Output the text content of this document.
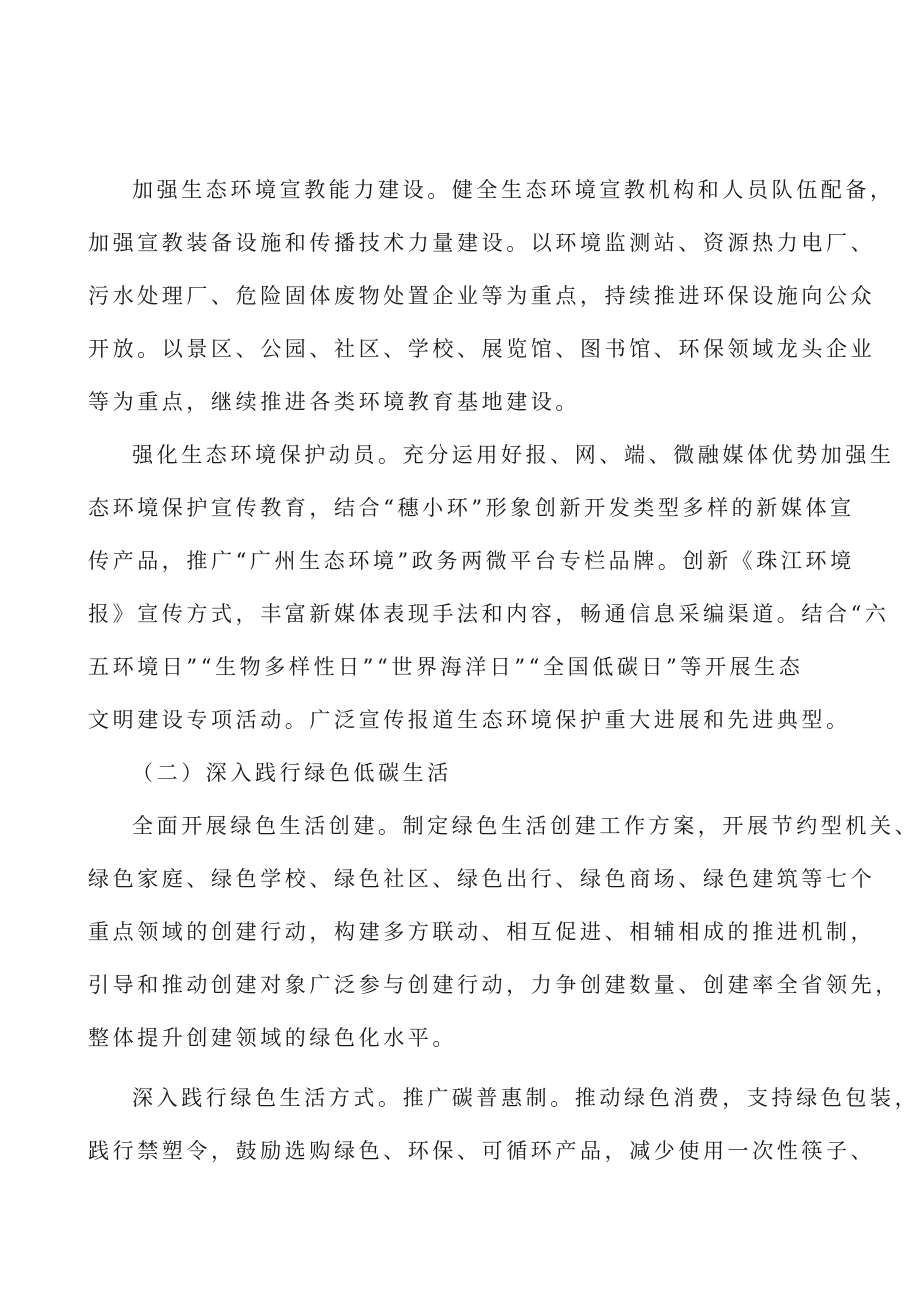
加强生态环境宣教能力建设。健全生态环境宣教机构和人员队伍配备，
加强宣教装备设施和传播技术力量建设。以环境监测站、资源热力电厂、
污水处理厂、危险固体废物处置企业等为重点，持续推进环保设施向公众
开放。以景区、公园、社区、学校、展览馆、图书馆、环保领域龙头企业
等为重点，继续推进各类环境教育基地建设。
强化生态环境保护动员。充分运用好报、网、端、微融媒体优势加强生
态环境保护宣传教育，结合“穗小环”形象创新开发类型多样的新媒体宣
传产品，推广“广州生态环境”政务两微平台专栏品牌。创新《珠江环境
报》宣传方式，丰富新媒体表现手法和内容，畅通信息采编渠道。结合“六
五环境日”“生物多样性日”“世界海洋日”“全国低碳日”等开展生态
文明建设专项活动。广泛宣传报道生态环境保护重大进展和先进典型。
（二）深入践行绿色低碳生活
全面开展绿色生活创建。制定绿色生活创建工作方案，开展节约型机关、
绿色家庭、绿色学校、绿色社区、绿色出行、绿色商场、绿色建筑等七个
重点领域的创建行动，构建多方联动、相互促进、相辅相成的推进机制，
引导和推动创建对象广泛参与创建行动，力争创建数量、创建率全省领先，
整体提升创建领域的绿色化水平。
深入践行绿色生活方式。推广碳普惠制。推动绿色消费，支持绿色包装，
践行禁塑令，鼓励选购绿色、环保、可循环产品，减少使用一次性筷子、
